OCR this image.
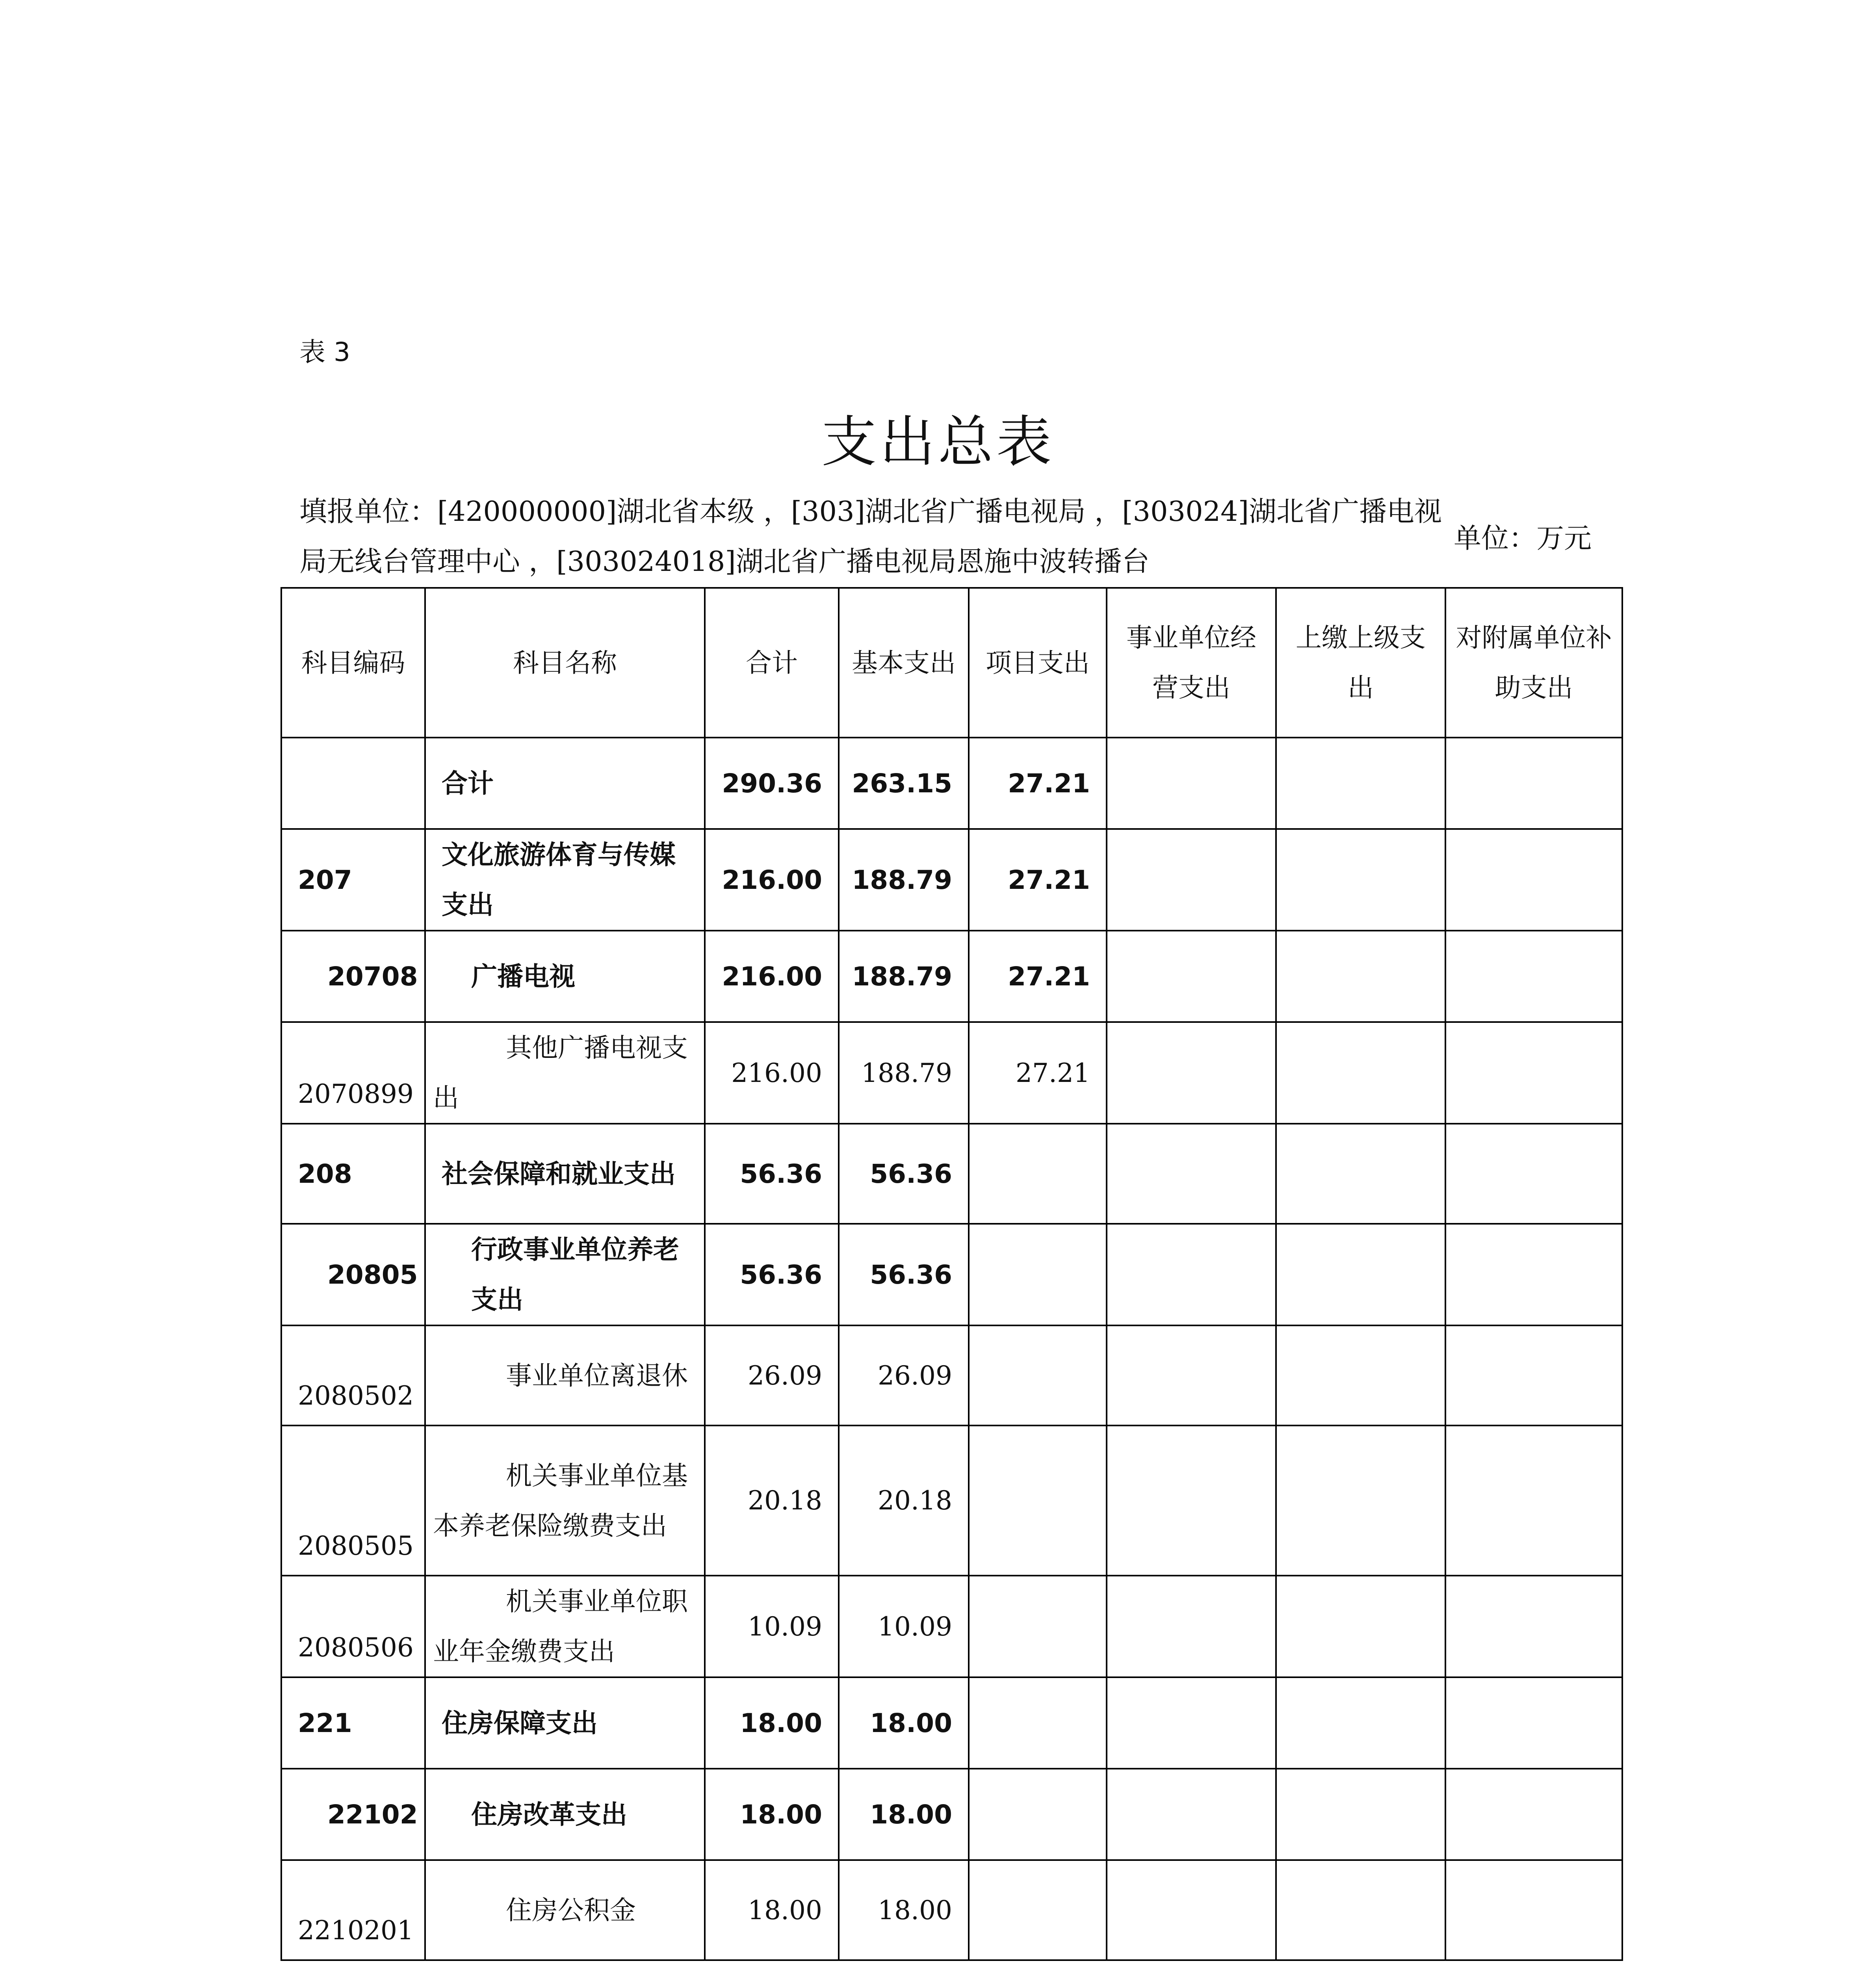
表 3
支出总表
填报单位：[420000000]湖北省本级 ，[303]湖北省广播电视局 ，[303024]湖北省广播电视局无线台管理中心 ，[303024018]湖北省广播电视局恩施中波转播台
单位：万元
科目编码	科目名称	合计	基本支出	项目支出	事业单位经营支出	上缴上级支出	对附属单位补助支出
	合计	290.36	263.15	27.21			
207	文化旅游体育与传媒支出	216.00	188.79	27.21			
20708	广播电视	216.00	188.79	27.21			
2070899	其他广播电视支出	216.00	188.79	27.21			
208	社会保障和就业支出	56.36	56.36				
20805	行政事业单位养老支出	56.36	56.36				
2080502	事业单位离退休	26.09	26.09				
2080505	机关事业单位基本养老保险缴费支出	20.18	20.18				
2080506	机关事业单位职业年金缴费支出	10.09	10.09				
221	住房保障支出	18.00	18.00				
22102	住房改革支出	18.00	18.00				
2210201	住房公积金	18.00	18.00				
